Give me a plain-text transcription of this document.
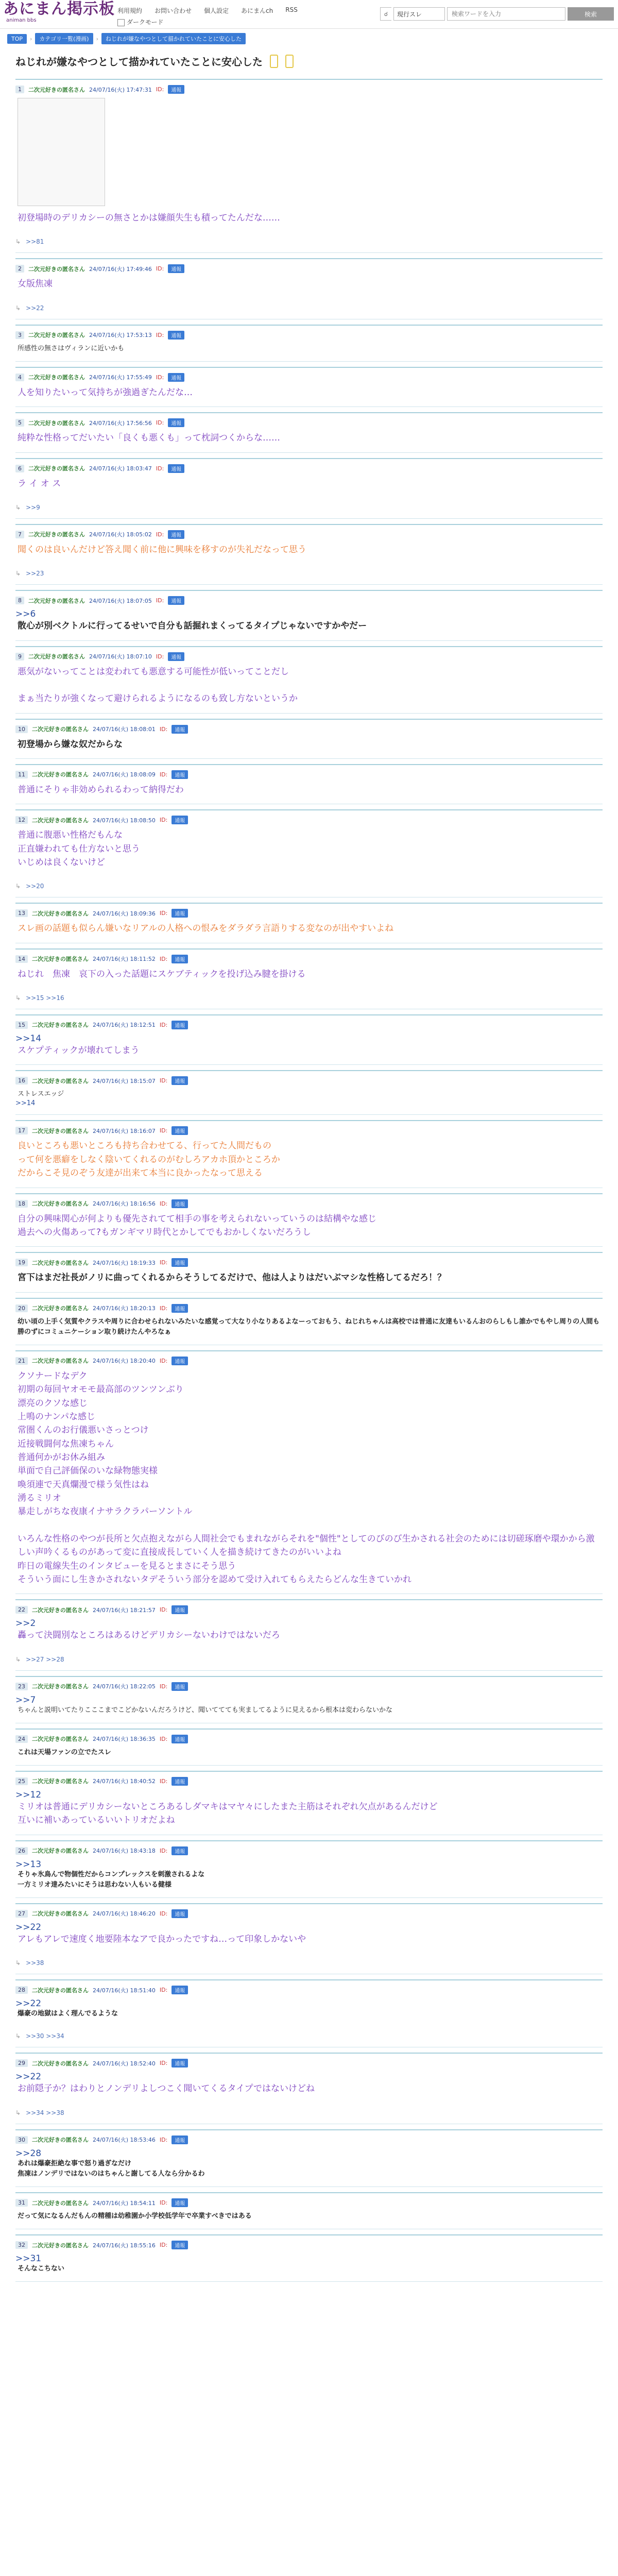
あにまん掲示板
animan bbs
利用規約 お問い合わせ 個人設定 あにまんch RSS
ダークモード
☌	現行スレ
検索ワードを入力	検索
TOP	›	カテゴリ一覧(漫画)	›	ねじれが嫌なやつとして描かれていたことに安心した
ねじれが嫌なやつとして描かれていたことに安心した
1	二次元好きの匿名さん 24/07/16(火) 17:47:31 ID:	通報
初登場時のデリカシーの無さとかは嫌顔失生も積ってたんだな……
↳ >>81
2	二次元好きの匿名さん 24/07/16(火) 17:49:46 ID:	通報
女版焦凍
↳ >>22
3	二次元好きの匿名さん 24/07/16(火) 17:53:13 ID:	通報
所感性の無さはヴィランに近いかも
4	二次元好きの匿名さん 24/07/16(火) 17:55:49 ID:	通報
人を知りたいって気持ちが強過ぎたんだな…
5	二次元好きの匿名さん 24/07/16(火) 17:56:56 ID:	通報
純粋な性格ってだいたい「良くも悪くも」って枕詞つくからな……
6	二次元好きの匿名さん 24/07/16(火) 18:03:47 ID:	通報
ラ イ オ ス
↳ >>9
7	二次元好きの匿名さん 24/07/16(火) 18:05:02 ID:	通報
聞くのは良いんだけど答え聞く前に他に興味を移すのが失礼だなって思う
↳ >>23
8	二次元好きの匿名さん 24/07/16(火) 18:07:05 ID:	通報
>>6
散心が別ベクトルに行ってるせいで自分も話掘れまくってるタイプじゃないですかやだー
9	二次元好きの匿名さん 24/07/16(火) 18:07:10 ID:	通報
悪気がないってことは変われても悪意する可能性が低いってことだし

まぁ当たりが強くなって避けられるようになるのも致し方ないというか
10	二次元好きの匿名さん 24/07/16(火) 18:08:01 ID:	通報
初登場から嫌な奴だからな
11	二次元好きの匿名さん 24/07/16(火) 18:08:09 ID:	通報
普通にそりゃ非効められるわって納得だわ
12	二次元好きの匿名さん 24/07/16(火) 18:08:50 ID:	通報
普通に腹悪い性格だもんな
正直嫌われても仕方ないと思う
いじめは良くないけど
↳ >>20
13	二次元好きの匿名さん 24/07/16(火) 18:09:36 ID:	通報
スレ画の話題も似らん嫌いなリアルの人格への恨みをダラダラ言語りする変なのが出やすいよね
14	二次元好きの匿名さん 24/07/16(火) 18:11:52 ID:	通報
ねじれ　焦凍　哀下の入った話題にスケブティックを投げ込み腱を掛ける
↳ >>15 >>16
15	二次元好きの匿名さん 24/07/16(火) 18:12:51 ID:	通報
>>14
スケプティックが壊れてしまう
16	二次元好きの匿名さん 24/07/16(火) 18:15:07 ID:	通報
ストレスエッジ
>>14
17	二次元好きの匿名さん 24/07/16(火) 18:16:07 ID:	通報
良いところも悪いところも持ち合わせてる、行ってた人間だもの
って何を悪癖をしなく陰いてくれるのがむしろアカホ頂かところか
だからこそ見のぞう友達が出来て本当に良かったなって思える
18	二次元好きの匿名さん 24/07/16(火) 18:16:56 ID:	通報
自分の興味関心が何よりも優先されてて相手の事を考えられないっていうのは結構やな感じ
過去への火傷あって?もガンギマリ時代とかしてでもおかしくないだろうし
19	二次元好きの匿名さん 24/07/16(火) 18:19:33 ID:	通報
宮下はまだ社長がノリに曲ってくれるからそうしてるだけで、他は人よりはだいぶマシな性格してるだろ！？
20	二次元好きの匿名さん 24/07/16(火) 18:20:13 ID:	通報
幼い頃の上手く気質やクラスや周りに合わせられないみたいな感覚って大なり小なりあるよなーっておもう、ねじれちゃんは高校では普通に友達もいるんおのらしもし誰かでもやし周りの人間も勝のずにコミュニケーション取り続けたんやろなぁ
21	二次元好きの匿名さん 24/07/16(火) 18:20:40 ID:	通報
クソナードなデク
初期の毎回ヤオモモ最高部のツンツンぶり
漂亮のクソな感じ
上鳴のナンパな感じ
常圏くんのお行儀悪いさっとつけ
近接戦闘何な焦凍ちゃん
普通何かがお休み組み
単面で自己評価保のいな緑物態実様
喚須連で天真爛漫で様う気性はね
湧るミリオ
暴走しがちな夜康イナサラクラパーソントル

いろんな性格のやつが長所と欠点抱えながら人間社会でもまれながらそれを"個性"としてのびのび生かされる社会のためには切磋琢磨や環かから激しい声吟くるものがあって変に直接成長していく人を描き続けてきたのがいいよね
昨日の電線失生のインタビューを見るとまさにそう思う
そういう面にし生きかされないタデそういう部分を認めて受け入れてもらえたらどんな生きていかれ
22	二次元好きの匿名さん 24/07/16(火) 18:21:57 ID:	通報
>>2
轟って決闘別なところはあるけどデリカシーないわけではないだろ
↳ >>27 >>28
23	二次元好きの匿名さん 24/07/16(火) 18:22:05 ID:	通報
>>7
ちゃんと説明いてたりこここまでこどかないんだろうけど、聞いててても実ましてるように見えるから根本は変わらないかな
24	二次元好きの匿名さん 24/07/16(火) 18:36:35 ID:	通報
これは天場ファンの立でたスレ
25	二次元好きの匿名さん 24/07/16(火) 18:40:52 ID:	通報
>>12
ミリオは普通にデリカシーないところあるしダマキはマヤ々にしたまた主筋はそれぞれ欠点があるんだけど
互いに補いあっているいいトリオだよね
26	二次元好きの匿名さん 24/07/16(火) 18:43:18 ID:	通報
>>13
そりゃ氷鳥んで物個性だからコンプレックスを刺激されるよな
一方ミリオ達みたいにそうは思わない人もいる健様
27	二次元好きの匿名さん 24/07/16(火) 18:46:20 ID:	通報
>>22
アレもアレで速度く地要陸本なアで良かったですね…って印象しかないや
↳ >>38
28	二次元好きの匿名さん 24/07/16(火) 18:51:40 ID:	通報
>>22
爆豪の地獄はよく理んでるような
↳ >>30 >>34
29	二次元好きの匿名さん 24/07/16(火) 18:52:40 ID:	通報
>>22
お前隠子か？はわりとノンデリよしつこく聞いてくるタイプではないけどね
↳ >>34 >>38
30	二次元好きの匿名さん 24/07/16(火) 18:53:46 ID:	通報
>>28
あれは爆豪拒絶な事で怒り過ぎなだけ
焦凍はノンデリではないのはちゃんと謝してる人なら分かるわ
31	二次元好きの匿名さん 24/07/16(火) 18:54:11 ID:	通報
だって気になるんだもんの精種は幼稚園か小学校低学年で卒業すべきではある
32	二次元好きの匿名さん 24/07/16(火) 18:55:16 ID:	通報
>>31
そんなこちない
